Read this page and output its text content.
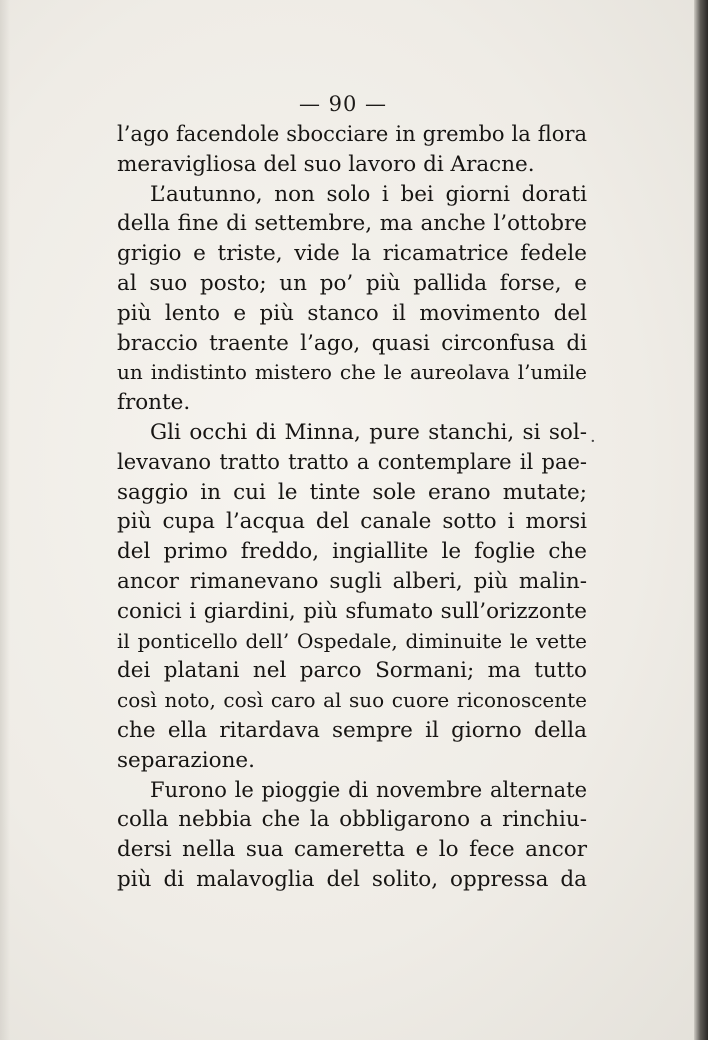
— 90 —
l’ago facendole sbocciare in grembo la flora
meravigliosa del suo lavoro di Aracne.
L’autunno, non solo i bei giorni dorati
della fine di settembre, ma anche l’ottobre
grigio e triste, vide la ricamatrice fedele
al suo posto; un po’ più pallida forse, e
più lento e più stanco il movimento del
braccio traente l’ago, quasi circonfusa di
un indistinto mistero che le aureolava l’umile
fronte.
Gli occhi di Minna, pure stanchi, si sol-
levavano tratto tratto a contemplare il pae-
saggio in cui le tinte sole erano mutate;
più cupa l’acqua del canale sotto i morsi
del primo freddo, ingiallite le foglie che
ancor rimanevano sugli alberi, più malin-
conici i giardini, più sfumato sull’orizzonte
il ponticello dell’ Ospedale, diminuite le vette
dei platani nel parco Sormani; ma tutto
così noto, così caro al suo cuore riconoscente
che ella ritardava sempre il giorno della
separazione.
Furono le pioggie di novembre alternate
colla nebbia che la obbligarono a rinchiu-
dersi nella sua cameretta e lo fece ancor
più di malavoglia del solito, oppressa da
·
